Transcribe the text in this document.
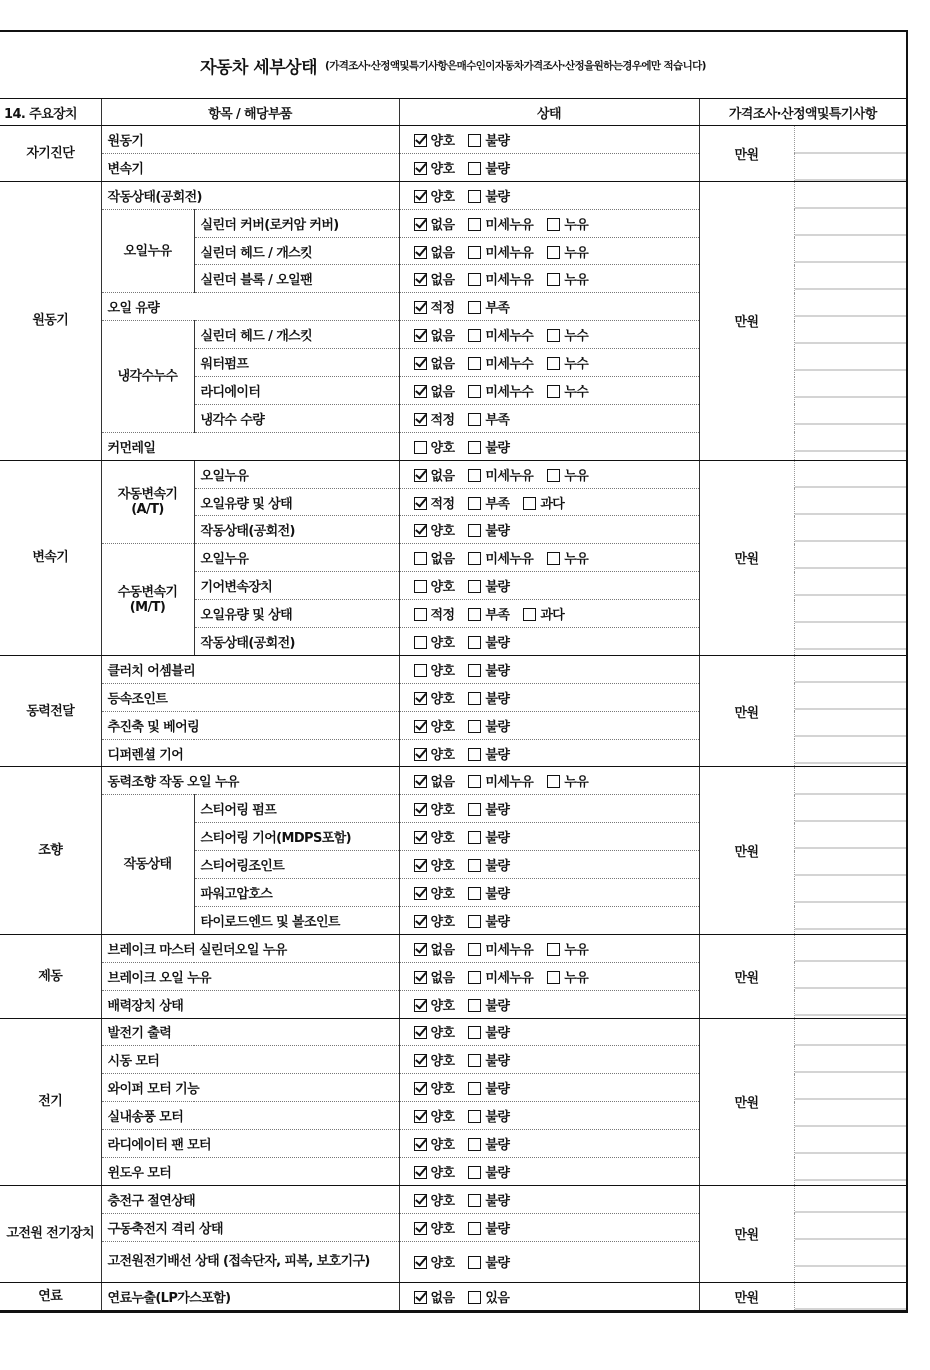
자동차 세부상태 (가격조사·산정액및특기사항은매수인이자동차가격조사·산정을원하는경우에만 적습니다)
14. 주요장치	항목 / 해당부품		상태	가격조사·산정액및특기사항	
자기진단	원동기		양호 불량	만원	
	변속기		양호 불량		
원동기	작동상태(공회전)		양호 불량	만원	
	오일누유	실린더 커버(로커암 커버)	없음 미세누유 누유		
		실린더 헤드 / 개스킷	없음 미세누유 누유		
		실린더 블록 / 오일팬	없음 미세누유 누유		
	오일 유량		적정 부족		
	냉각수누수	실린더 헤드 / 개스킷	없음 미세누수 누수		
		워터펌프	없음 미세누수 누수		
		라디에이터	없음 미세누수 누수		
		냉각수 수량	적정 부족		
	커먼레일		양호 불량		
변속기	자동변속기 (A/T)	오일누유	없음 미세누유 누유	만원	
		오일유량 및 상태	적정 부족 과다		
		작동상태(공회전)	양호 불량		
	수동변속기 (M/T)	오일누유	없음 미세누유 누유		
		기어변속장치	양호 불량		
		오일유량 및 상태	적정 부족 과다		
		작동상태(공회전)	양호 불량		
동력전달	클러치 어셈블리		양호 불량	만원	
	등속조인트		양호 불량		
	추진축 및 베어링		양호 불량		
	디퍼렌셜 기어		양호 불량		
조향	동력조향 작동 오일 누유		없음 미세누유 누유	만원	
	작동상태	스티어링 펌프	양호 불량		
		스티어링 기어(MDPS포함)	양호 불량		
		스티어링조인트	양호 불량		
		파워고압호스	양호 불량		
		타이로드엔드 및 볼조인트	양호 불량		
제동	브레이크 마스터 실린더오일 누유		없음 미세누유 누유	만원	
	브레이크 오일 누유		없음 미세누유 누유		
	배력장치 상태		양호 불량		
전기	발전기 출력		양호 불량	만원	
	시동 모터		양호 불량		
	와이퍼 모터 기능		양호 불량		
	실내송풍 모터		양호 불량		
	라디에이터 팬 모터		양호 불량		
	윈도우 모터		양호 불량		
고전원 전기장치	충전구 절연상태		양호 불량	만원	
	구동축전지 격리 상태		양호 불량		
	고전원전기배선 상태 (접속단자, 피복, 보호기구)		양호 불량		
연료	연료누출(LP가스포함)		없음 있음	만원	
